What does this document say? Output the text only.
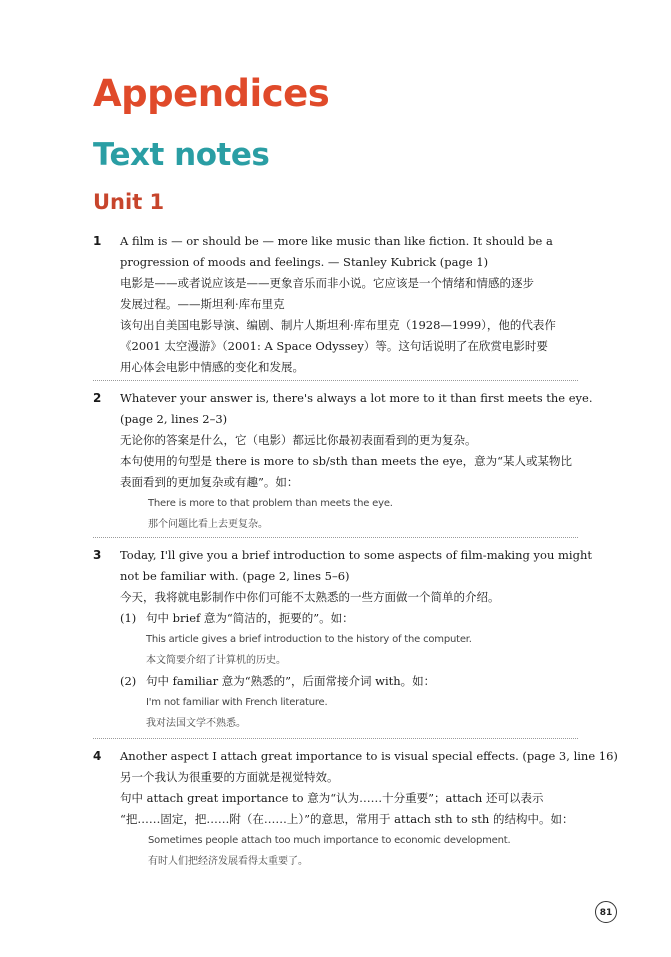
Appendices
Text notes
Unit 1
1 A film is — or should be — more like music than like fiction. It should be a
progression of moods and feelings. — Stanley Kubrick (page 1)
电影是——或者说应该是——更象音乐而非小说。它应该是一个情绪和情感的逐步
发展过程。——斯坦利·库布里克
该句出自美国电影导演、编剧、制片人斯坦利·库布里克（1928—1999），他的代表作
《2001 太空漫游》（2001: A Space Odyssey）等。这句话说明了在欣赏电影时要
用心体会电影中情感的变化和发展。
2 Whatever your answer is, there's always a lot more to it than first meets the eye.
(page 2, lines 2–3)
无论你的答案是什么，它（电影）都远比你最初表面看到的更为复杂。
本句使用的句型是 there is more to sb/sth than meets the eye，意为“某人或某物比
表面看到的更加复杂或有趣”。如：
There is more to that problem than meets the eye.
那个问题比看上去更复杂。
3 Today, I'll give you a brief introduction to some aspects of film-making you might
not be familiar with. (page 2, lines 5–6)
今天，我将就电影制作中你们可能不太熟悉的一些方面做一个简单的介绍。
(1) 句中 brief 意为“简洁的，扼要的”。如：
This article gives a brief introduction to the history of the computer.
本文简要介绍了计算机的历史。
(2) 句中 familiar 意为“熟悉的”，后面常接介词 with。如：
I'm not familiar with French literature.
我对法国文学不熟悉。
4 Another aspect I attach great importance to is visual special effects. (page 3, line 16)
另一个我认为很重要的方面就是视觉特效。
句中 attach great importance to 意为“认为……十分重要”；attach 还可以表示
“把……固定，把……附（在……上）”的意思，常用于 attach sth to sth 的结构中。如：
Sometimes people attach too much importance to economic development.
有时人们把经济发展看得太重要了。
81
